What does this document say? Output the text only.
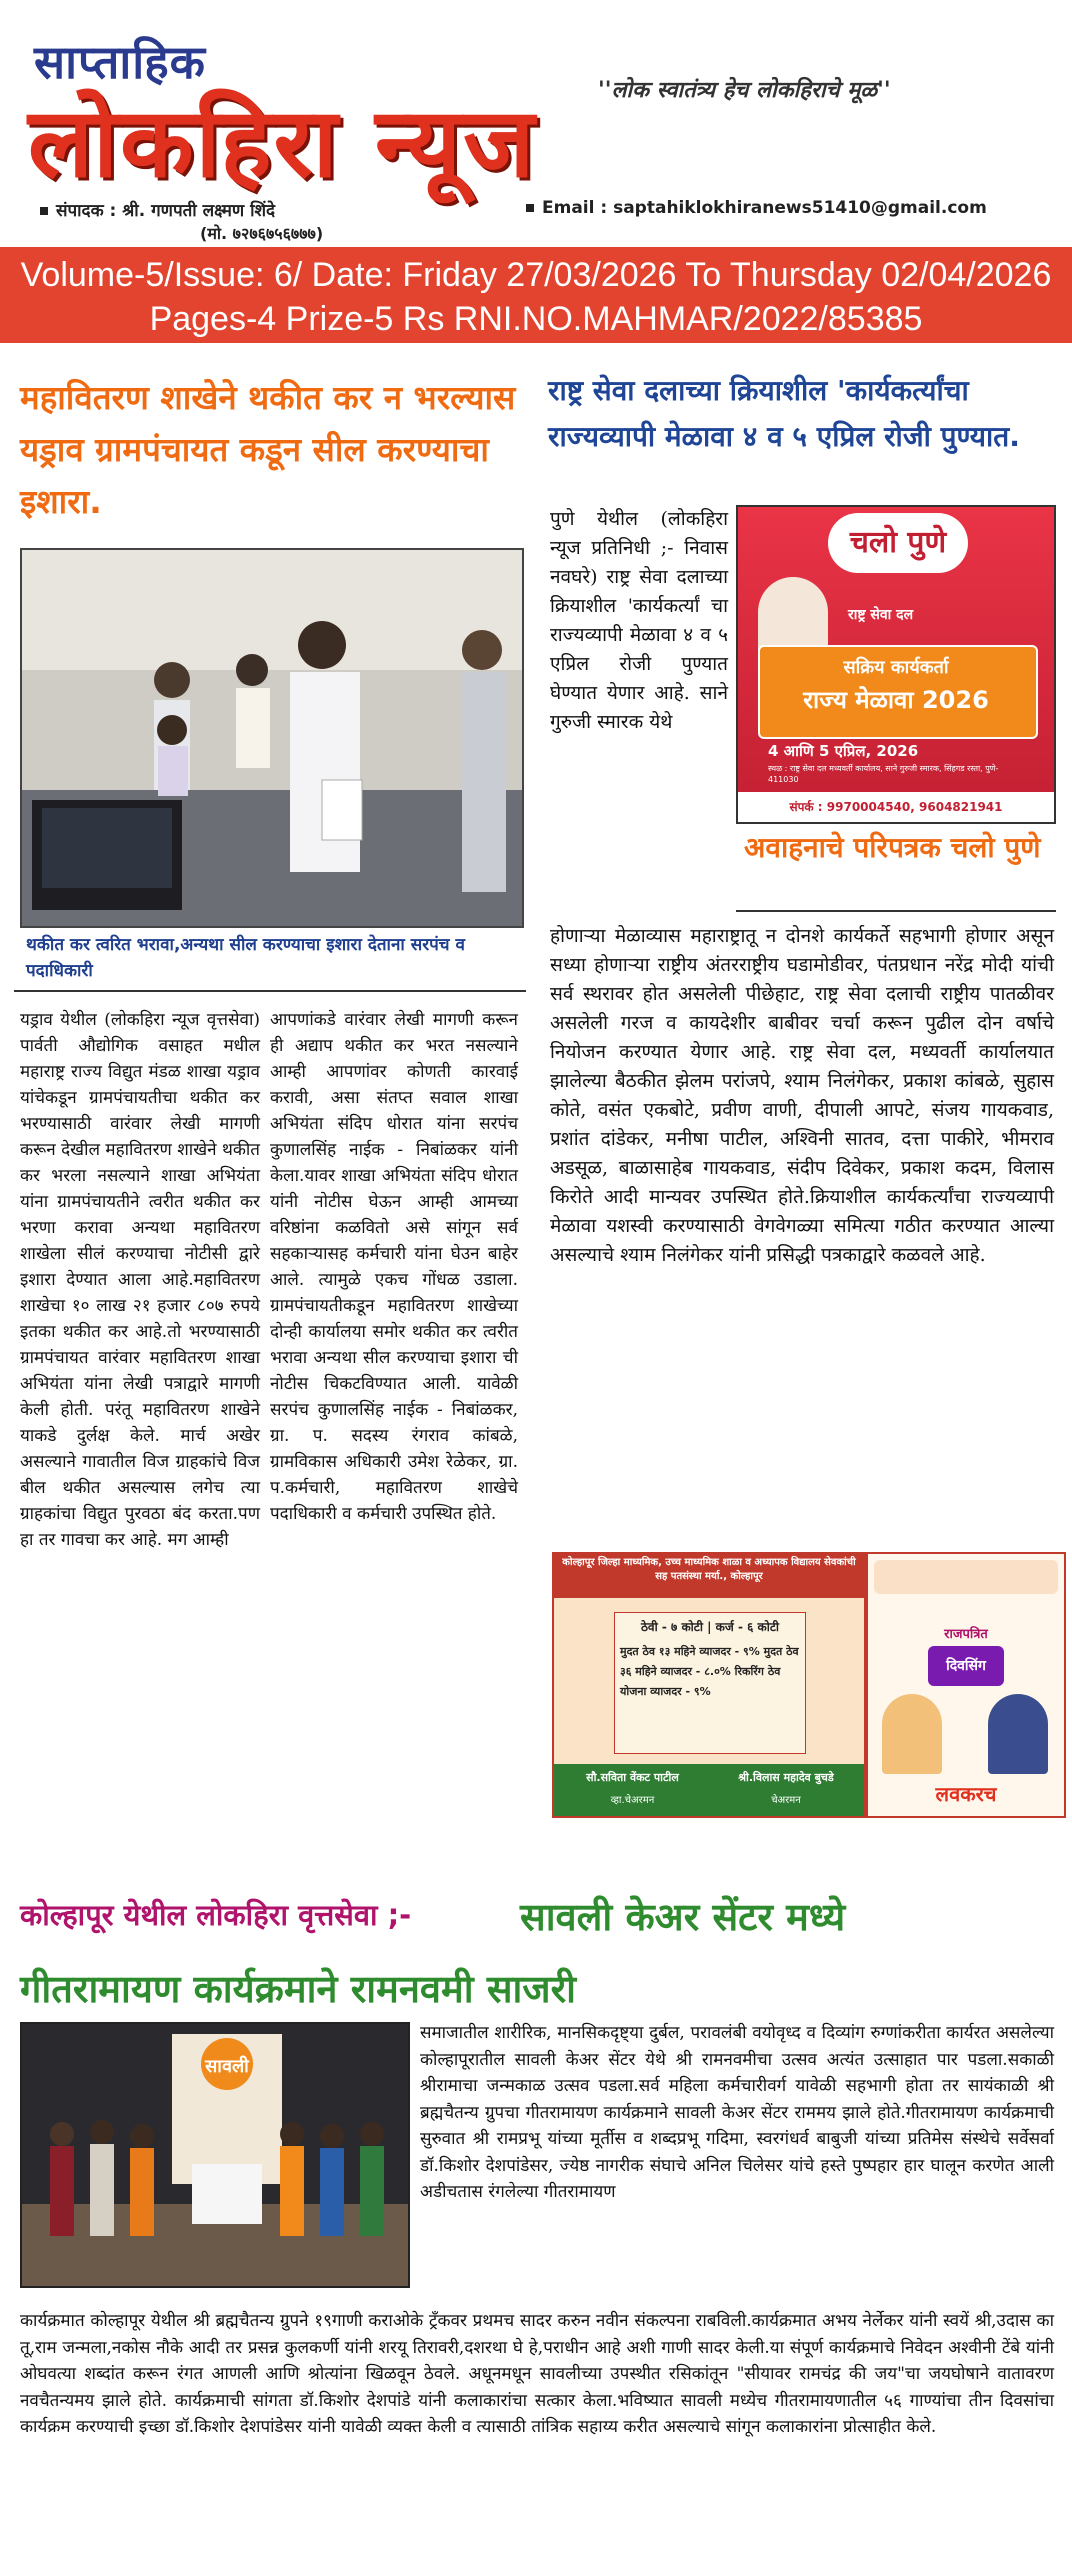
साप्ताहिक
''लोक स्वातंत्र्य हेच लोकहिराचे मूळ''
लोकहिरा न्यूज
संपादक : श्री. गणपती लक्ष्मण शिंदे
(मो. ७२७६७५६७७७)
Email : saptahiklokhiranews51410@gmail.com
Volume-5/Issue: 6/ Date: Friday 27/03/2026 To Thursday 02/04/2026 Pages-4 Prize-5 Rs RNI.NO.MAHMAR/2022/85385
महावितरण शाखेने थकीत कर न भरल्यास यड्राव ग्रामपंचायत कडून सील करण्याचा इशारा.
थकीत कर त्वरित भरावा,अन्यथा सील करण्याचा इशारा देताना सरपंच व पदाधिकारी
यड्राव येथील (लोकहिरा न्यूज वृत्तसेवा) पार्वती औद्योगिक वसाहत मधील महाराष्ट्र राज्य विद्युत मंडळ शाखा यड्राव यांचेकडून ग्रामपंचायतीचा थकीत कर भरण्यासाठी वारंवार लेखी मागणी करून देखील महावितरण शाखेने थकीत कर भरला नसल्याने शाखा अभियंता यांना ग्रामपंचायतीने त्वरीत थकीत कर भरणा करावा अन्यथा महावितरण शाखेला सीलं करण्याचा नोटीसी द्वारे इशारा देण्यात आला आहे.महावितरण शाखेचा १० लाख २१ हजार ८०७ रुपये इतका थकीत कर आहे.तो भरण्यासाठी ग्रामपंचायत वारंवार महावितरण शाखा अभियंता यांना लेखी पत्राद्वारे मागणी केली होती. परंतू महावितरण शाखेने याकडे दुर्लक्ष केले. मार्च अखेर असल्याने गावातील विज ग्राहकांचे विज बील थकीत असल्यास लगेच त्या ग्राहकांचा विद्युत पुरवठा बंद करता.पण हा तर गावचा कर आहे. मग आम्ही
आपणांकडे वारंवार लेखी मागणी करून ही अद्याप थकीत कर भरत नसल्याने आम्ही आपणांवर कोणती कारवाई करावी, असा संतप्त सवाल शाखा अभियंता संदिप धोरात यांना सरपंच कुणालसिंह नाईक - निबांळकर यांनी केला.यावर शाखा अभियंता संदिप धोरात यांनी नोटीस घेऊन आम्ही आमच्या वरिष्ठांना कळवितो असे सांगून सर्व सहकाऱ्यासह कर्मचारी यांना घेउन बाहेर आले. त्यामुळे एकच गोंधळ उडाला. ग्रामपंचायतीकडून महावितरण शाखेच्या दोन्ही कार्यालया समोर थकीत कर त्वरीत भरावा अन्यथा सील करण्याचा इशारा ची नोटीस चिकटविण्यात आली. यावेळी सरपंच कुणालसिंह नाईक - निबांळकर, ग्रा. प. सदस्य रंगराव कांबळे, ग्रामविकास अधिकारी उमेश रेळेकर, ग्रा. प.कर्मचारी, महावितरण शाखेचे पदाधिकारी व कर्मचारी उपस्थित होते.
राष्ट्र सेवा दलाच्या क्रियाशील 'कार्यकर्त्यांचा राज्यव्यापी मेळावा ४ व ५ एप्रिल रोजी पुण्यात.
पुणे येथील (लोकहिरा न्यूज प्रतिनिधी ;- निवास नवघरे) राष्ट्र सेवा दलाच्या क्रियाशील 'कार्यकर्त्यां चा राज्यव्यापी मेळावा ४ व ५ एप्रिल रोजी पुण्यात घेण्यात येणार आहे. साने गुरुजी स्मारक येथे
चलो पुणे
राष्ट्र सेवा दल
सक्रिय कार्यकर्ता
राज्य मेळावा 2026
4 आणि 5 एप्रिल, 2026
स्थळ : राष्ट्र सेवा दल मध्यवर्ती कार्यालय, साने गुरुजी स्मारक, सिंहगड रस्ता, पुणे- 411030
संपर्क : 9970004540, 9604821941
अवाहनाचे परिपत्रक चलो पुणे
होणाऱ्या मेळाव्यास महाराष्ट्रातू न दोनशे कार्यकर्ते सहभागी होणार असून सध्या होणाऱ्या राष्ट्रीय अंतरराष्ट्रीय घडामोडीवर, पंतप्रधान नरेंद्र मोदी यांची सर्व स्थरावर होत असलेली पीछेहाट, राष्ट्र सेवा दलाची राष्ट्रीय पातळीवर असलेली गरज व कायदेशीर बाबीवर चर्चा करून पुढील दोन वर्षाचे नियोजन करण्यात येणार आहे. राष्ट्र सेवा दल, मध्यवर्ती कार्यालयात झालेल्या बैठकीत झेलम परांजपे, श्याम निलंगेकर, प्रकाश कांबळे, सुहास कोते, वसंत एकबोटे, प्रवीण वाणी, दीपाली आपटे, संजय गायकवाड, प्रशांत दांडेकर, मनीषा पाटील, अश्विनी सातव, दत्ता पाकीरे, भीमराव अडसूळ, बाळासाहेब गायकवाड, संदीप दिवेकर, प्रकाश कदम, विलास किरोते आदी मान्यवर उपस्थित होते.क्रियाशील कार्यकर्त्यांचा राज्यव्यापी मेळावा यशस्वी करण्यासाठी वेगवेगळ्या समित्या गठीत करण्यात आल्या असल्याचे श्याम निलंगेकर यांनी प्रसिद्धी पत्रकाद्वारे कळवले आहे.
कोल्हापूर जिल्हा माध्यमिक, उच्च माध्यमिक शाळा व अध्यापक विद्यालय सेवकांची सह पतसंस्था मर्या., कोल्हापूर
ठेवी - ७ कोटी | कर्ज - ६ कोटी
मुदत ठेव १३ महिने व्याजदर - ९% मुदत ठेव ३६ महिने व्याजदर - ८.०% रिकरिंग ठेव योजना व्याजदर - ९%
सौ.सविता वेंकट पाटील
व्हा.चेअरमन
श्री.विलास महादेव बुचडे
चेअरमन
राजपत्रित
दिवसिंग
लवकरच
कोल्हापूर येथील लोकहिरा वृत्तसेवा ;-	सावली केअर सेंटर मध्ये
गीतरामायण कार्यक्रमाने रामनवमी साजरी
सावली
समाजातील शारीरिक, मानसिकदृष्ट्या दुर्बल, परावलंबी वयोवृध्द व दिव्यांग रुग्णांकरीता कार्यरत असलेल्या कोल्हापूरातील सावली केअर सेंटर येथे श्री रामनवमीचा उत्सव अत्यंत उत्साहात पार पडला.सकाळी श्रीरामाचा जन्मकाळ उत्सव पडला.सर्व महिला कर्मचारीवर्ग यावेळी सहभागी होता तर सायंकाळी श्री ब्रह्मचैतन्य ग्रुपचा गीतरामायण कार्यक्रमाने सावली केअर सेंटर राममय झाले होते.गीतरामायण कार्यक्रमाची सुरुवात श्री रामप्रभू यांच्या मूर्तीस व शब्दप्रभू गदिमा, स्वरगंधर्व बाबुजी यांच्या प्रतिमेस संस्थेचे सर्वेसर्वा डॉ.किशोर देशपांडेसर, ज्येष्ठ नागरीक संघाचे अनिल चिलेसर यांचे हस्ते पुष्पहार हार घालून करणेत आली अडीचतास रंगलेल्या गीतरामायण
कार्यक्रमात कोल्हापूर येथील श्री ब्रह्मचैतन्य ग्रुपने १९गाणी कराओके ट्रँकवर प्रथमच सादर करुन नवीन संकल्पना राबविली.कार्यक्रमात अभय नेर्लेकर यांनी स्वयें श्री,उदास का तू,राम जन्मला,नकोस नौके आदी तर प्रसन्न कुलकर्णी यांनी शरयू तिरावरी,दशरथा घे हे,पराधीन आहे अशी गाणी सादर केली.या संपूर्ण कार्यक्रमाचे निवेदन अश्वीनी टेंबे यांनी ओघवत्या शब्दांत करून रंगत आणली आणि श्रोत्यांना खिळवून ठेवले. अधूनमधून सावलीच्या उपस्थीत रसिकांतून "सीयावर रामचंद्र की जय"चा जयघोषाने वातावरण नवचैतन्यमय झाले होते. कार्यक्रमाची सांगता डॉ.किशोर देशपांडे यांनी कलाकारांचा सत्कार केला.भविष्यात सावली मध्येच गीतरामायणातील ५६ गाण्यांचा तीन दिवसांचा कार्यक्रम करण्याची इच्छा डॉ.किशोर देशपांडेसर यांनी यावेळी व्यक्त केली व त्यासाठी तांत्रिक सहाय्य करीत असल्याचे सांगून कलाकारांना प्रोत्साहीत केले.
